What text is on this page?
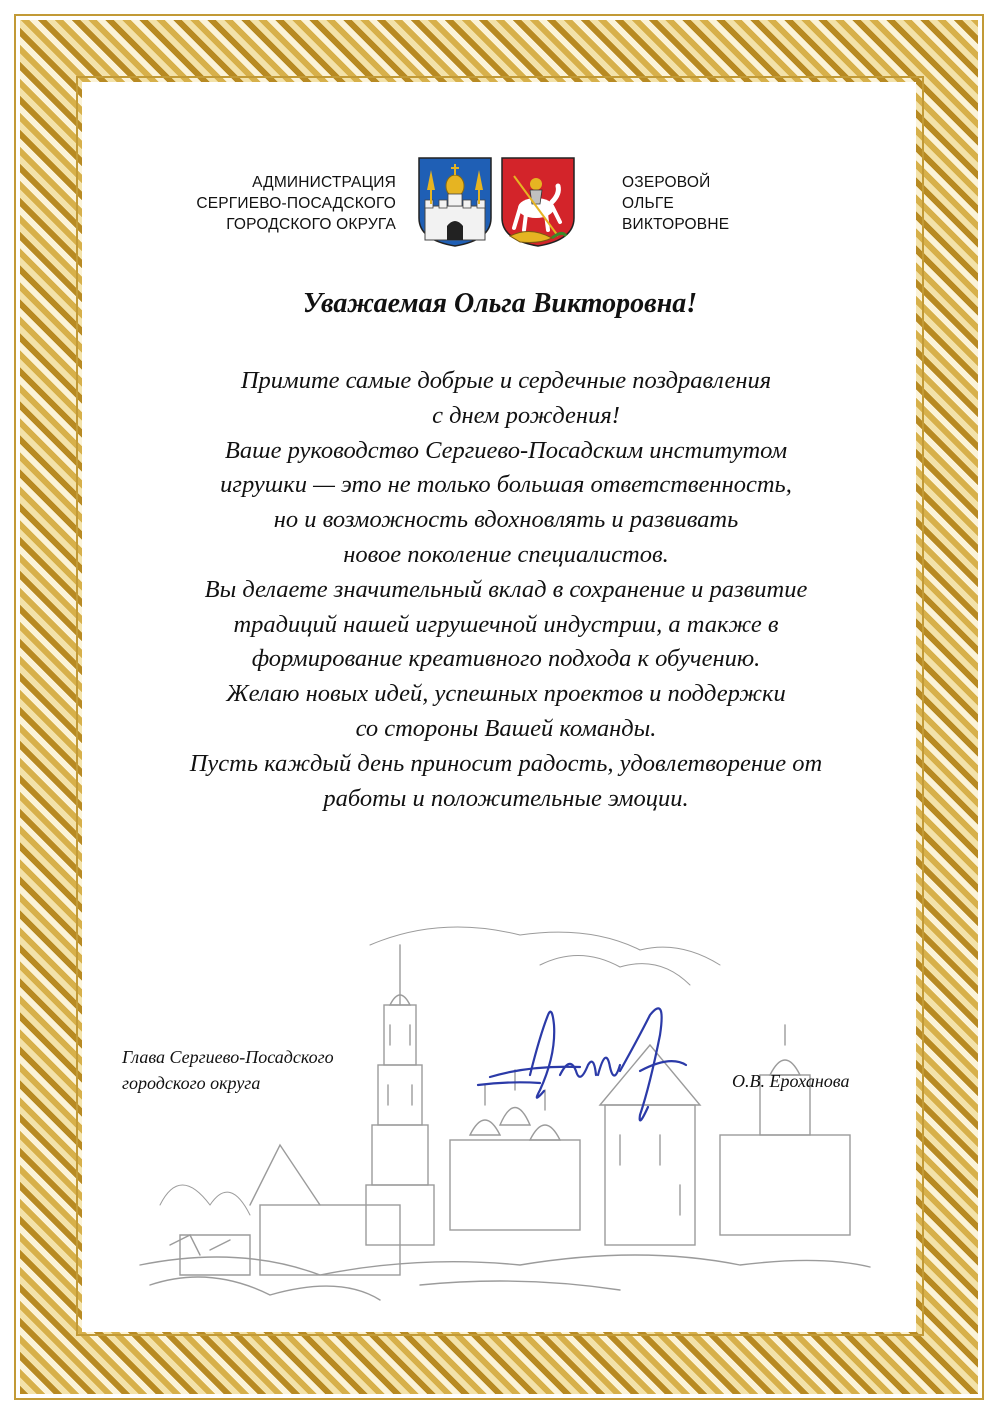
АДМИНИСТРАЦИЯ
СЕРГИЕВО-ПОСАДСКОГО
ГОРОДСКОГО ОКРУГА
ОЗЕРОВОЙ
ОЛЬГЕ
ВИКТОРОВНЕ
Уважаемая Ольга Викторовна!
Примите самые добрые и сердечные поздравления
с днем рождения!
Ваше руководство Сергиево-Посадским институтом
игрушки — это не только большая ответственность,
но и возможность вдохновлять и развивать
новое поколение специалистов.
Вы делаете значительный вклад в сохранение и развитие
традиций нашей игрушечной индустрии, а также в
формирование креативного подхода к обучению.
Желаю новых идей, успешных проектов и поддержки
со стороны Вашей команды.
Пусть каждый день приносит радость, удовлетворение от
работы и положительные эмоции.
Глава Сергиево-Посадского
городского округа	О.В. Ероханова
